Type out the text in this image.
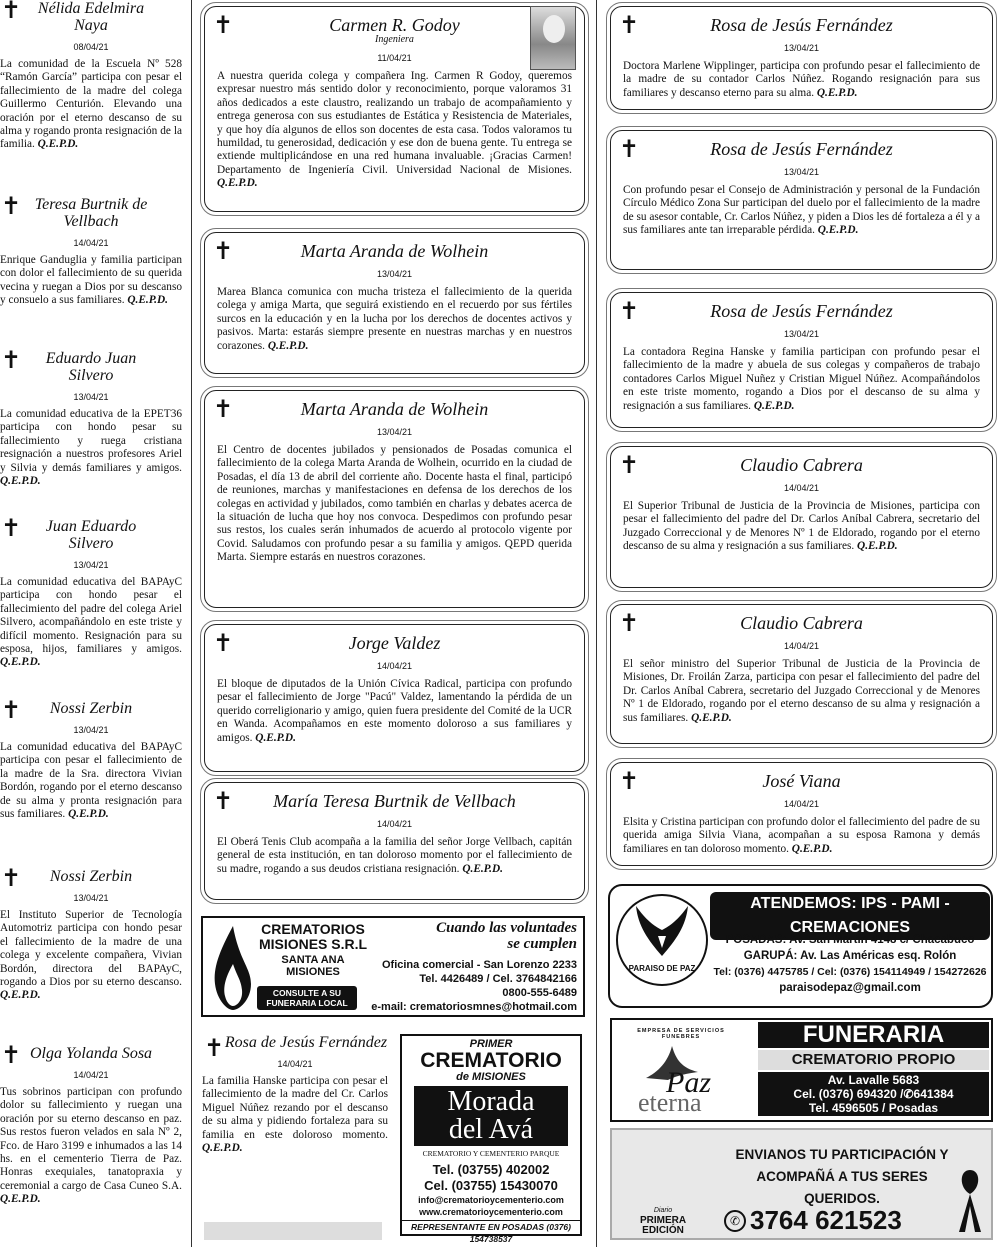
✝	Nélida Edelmira Naya
08/04/21
La comunidad de la Escuela Nº 528 “Ramón García” participa con pesar el fallecimiento de la madre del colega Guillermo Centurión. Elevando una oración por el eterno descanso de su alma y rogando pronta resignación de la familia. Q.E.P.D.
✝ Teresa Burtnik de Vellbach
14/04/21
Enrique Ganduglia y familia participan con dolor el fallecimiento de su querida vecina y ruegan a Dios por su descanso y consuelo a sus familiares. Q.E.P.D.
✝	Eduardo Juan Silvero
13/04/21
La comunidad educativa de la EPET36 participa con hondo pesar su fallecimiento y ruega cristiana resignación a nuestros profesores Ariel y Silvia y demás familiares y amigos. Q.E.P.D.
✝	Juan Eduardo Silvero
13/04/21
La comunidad educativa del BAPAyC participa con hondo pesar el fallecimiento del padre del colega Ariel Silvero, acompañándolo en este triste y difícil momento. Resignación para su esposa, hijos, familiares y amigos. Q.E.P.D.
✝	Nossi Zerbin
13/04/21
La comunidad educativa del BAPAyC participa con pesar el fallecimiento de la madre de la Sra. directora Vivian Bordón, rogando por el eterno descanso de su alma y pronta resignación para sus familiares. Q.E.P.D.
✝	Nossi Zerbin
13/04/21
El Instituto Superior de Tecnología Automotriz participa con hondo pesar el fallecimiento de la madre de una colega y excelente compañera, Vivian Bordón, directora del BAPAyC, rogando a Dios por su eterno descanso. Q.E.P.D.
✝ Olga Yolanda Sosa
14/04/21
Tus sobrinos participan con profundo dolor su fallecimiento y ruegan una oración por su eterno descanso en paz. Sus restos fueron velados en sala Nº 2, Fco. de Haro 3199 e inhumados a las 14 hs. en el cementerio Tierra de Paz. Honras exequiales, tanatopraxia y ceremonial a cargo de Casa Cuneo S.A. Q.E.P.D.
✝	Carmen R. Godoy
Ingeniera
11/04/21
A nuestra querida colega y compañera Ing. Carmen R Godoy, queremos expresar nuestro más sentido dolor y reconocimiento, porque valoramos 31 años dedicados a este claustro, realizando un trabajo de acompañamiento y entrega generosa con sus estudiantes de Estática y Resistencia de Materiales, y que hoy día algunos de ellos son docentes de esta casa. Todos valoramos tu humildad, tu generosidad, dedicación y ese don de buena gente. Tu entrega se extiende multiplicándose en una red humana invaluable. ¡Gracias Carmen! Departamento de Ingeniería Civil. Universidad Nacional de Misiones. Q.E.P.D.
✝	Marta Aranda de Wolhein
13/04/21
Marea Blanca comunica con mucha tristeza el fallecimiento de la querida colega y amiga Marta, que seguirá existiendo en el recuerdo por sus fértiles surcos en la educación y en la lucha por los derechos de docentes activos y pasivos. Marta: estarás siempre presente en nuestras marchas y en nuestros corazones. Q.E.P.D.
✝	Marta Aranda de Wolhein
13/04/21
El Centro de docentes jubilados y pensionados de Posadas comunica el fallecimiento de la colega Marta Aranda de Wolhein, ocurrido en la ciudad de Posadas, el día 13 de abril del corriente año. Docente hasta el final, participó de reuniones, marchas y manifestaciones en defensa de los derechos de los colegas en actividad y jubilados, como también en charlas y debates acerca de la situación de lucha que hoy nos convoca. Despedimos con profundo pesar sus restos, los cuales serán inhumados de acuerdo al protocolo vigente por Covid. Saludamos con profundo pesar a su familia y amigos. QEPD querida Marta. Siempre estarás en nuestros corazones.
✝	Jorge Valdez
14/04/21
El bloque de diputados de la Unión Cívica Radical, participa con profundo pesar el fallecimiento de Jorge "Pacú" Valdez, lamentando la pérdida de un querido correligionario y amigo, quien fuera presidente del Comité de la UCR en Wanda. Acompañamos en este momento doloroso a sus familiares y amigos. Q.E.P.D.
✝	María Teresa Burtnik de Vellbach
14/04/21
El Oberá Tenis Club acompaña a la familia del señor Jorge Vellbach, capitán general de esta institución, en tan doloroso momento por el fallecimiento de su madre, rogando a sus deudos cristiana resignación. Q.E.P.D.
✝	Rosa de Jesús Fernández
13/04/21
Doctora Marlene Wipplinger, participa con profundo pesar el fallecimiento de la madre de su contador Carlos Núñez. Rogando resignación para sus familiares y descanso eterno para su alma. Q.E.P.D.
✝	Rosa de Jesús Fernández
13/04/21
Con profundo pesar el Consejo de Administración y personal de la Fundación Círculo Médico Zona Sur participan del duelo por el fallecimiento de la madre de su asesor contable, Cr. Carlos Núñez, y piden a Dios les dé fortaleza a él y a sus familiares ante tan irreparable pérdida. Q.E.P.D.
✝	Rosa de Jesús Fernández
13/04/21
La contadora Regina Hanske y familia participan con profundo pesar el fallecimiento de la madre y abuela de sus colegas y compañeros de trabajo contadores Carlos Miguel Nuñez y Cristian Miguel Núñez. Acompañándolos en este triste momento, rogando a Dios por el descanso de su alma y resignación a sus familiares. Q.E.P.D.
✝	Claudio Cabrera
14/04/21
El Superior Tribunal de Justicia de la Provincia de Misiones, participa con pesar el fallecimiento del padre del Dr. Carlos Aníbal Cabrera, secretario del Juzgado Correccional y de Menores Nº 1 de Eldorado, rogando por el eterno descanso de su alma y resignación a sus familiares. Q.E.P.D.
✝	Claudio Cabrera
14/04/21
El señor ministro del Superior Tribunal de Justicia de la Provincia de Misiones, Dr. Froilán Zarza, participa con pesar el fallecimiento del padre del Dr. Carlos Aníbal Cabrera, secretario del Juzgado Correccional y de Menores Nº 1 de Eldorado, rogando por el eterno descanso de su alma y resignación a sus familiares. Q.E.P.D.
✝	José Viana
14/04/21
Elsita y Cristina participan con profundo dolor el fallecimiento del padre de su querida amiga Silvia Viana, acompañan a su esposa Ramona y demás familiares en tan doloroso momento. Q.E.P.D.
CREMATORIOS
MISIONES S.R.L
SANTA ANA
MISIONES
CONSULTE A SU
FUNERARIA LOCAL
Cuando las voluntades
se cumplen
Oficina comercial - San Lorenzo 2233
Tel. 4426489 / Cel. 3764842166
0800-555-6489
e-mail: crematoriosmnes@hotmail.com
✝ Rosa de Jesús Fernández
14/04/21
La familia Hanske participa con pesar el fallecimiento de la madre del Cr. Carlos Miguel Núñez rezando por el descanso de su alma y pidiendo fortaleza para su familia en este doloroso momento. Q.E.P.D.
PRIMER
CREMATORIO
de MISIONES
Morada
del Avá
CREMATORIO Y CEMENTERIO PARQUE
Tel. (03755) 402002
Cel. (03755) 15430070
info@crematorioycementerio.com
www.crematorioycementerio.com
REPRESENTANTE EN POSADAS (0376) 154738537
PARAISO DE PAZ
ATENDEMOS: IPS - PAMI - CREMACIONES
POSADAS: Av. San Martín 4148 c/ Chacabuco
GARUPÁ: Av. Las Américas esq. Rolón
Tel: (0376) 4475785 / Cel: (0376) 154114949 / 154272626
paraisodepaz@gmail.com
EMPRESA DE SERVICIOS FUNEBRES
Paz
eterna
FUNERARIA
CREMATORIO PROPIO
Av. Lavalle 5683
Cel. (0376) 694320 /✆641384
Tel. 4596505 / Posadas
ENVIANOS TU PARTICIPACIÓN Y
ACOMPAÑÁ A TUS SERES QUERIDOS.
✆ 3764 621523
Diario
PRIMERA
EDICIÓN
